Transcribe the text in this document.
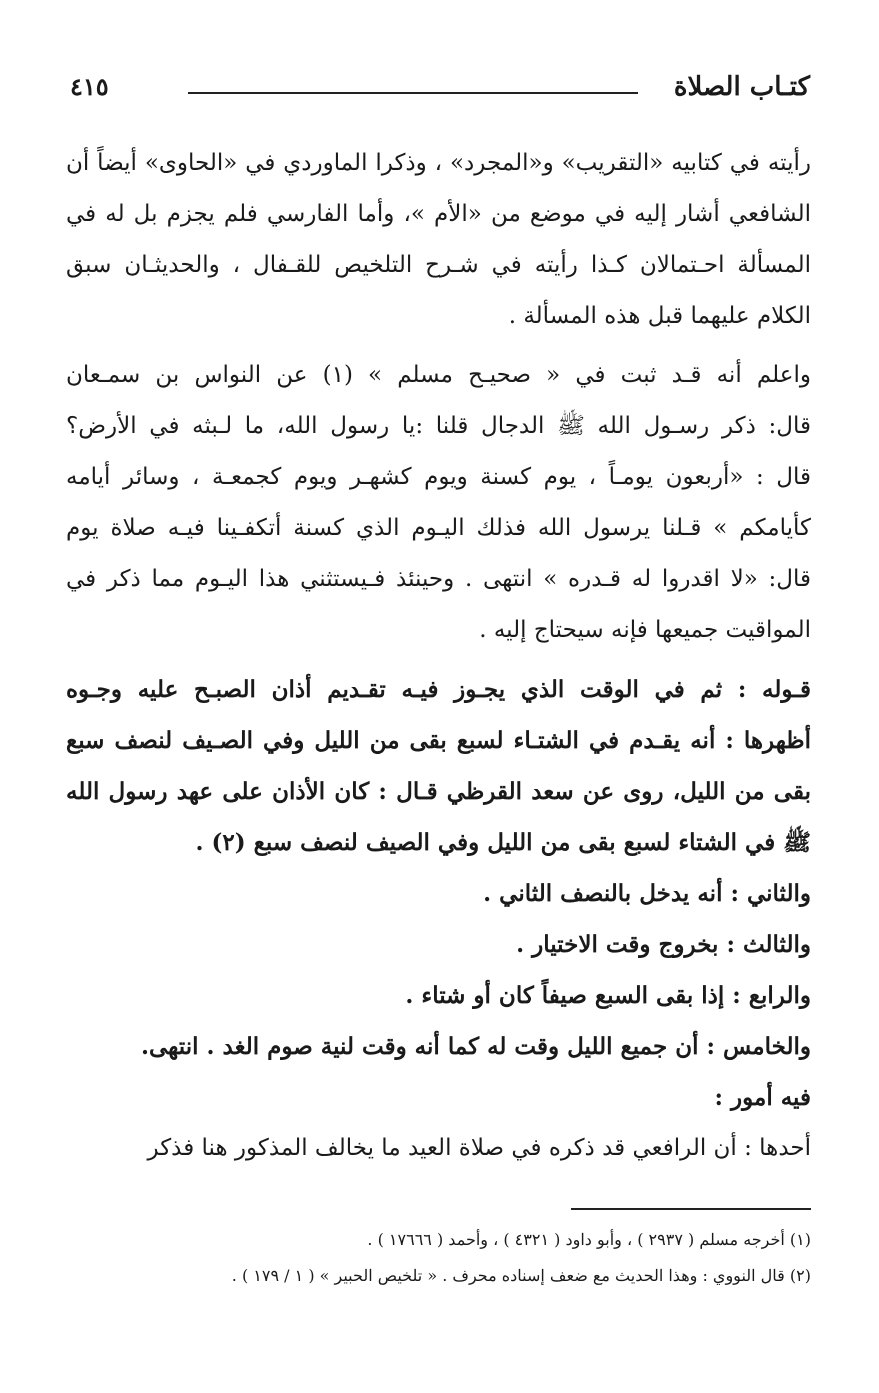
كتـاب الصلاة
٤١٥
رأيته في كتابيه «التقريب» و«المجرد» ، وذكرا الماوردي في «الحاوى» أيضاً أن
الشافعي أشار إليه في موضع من «الأم »، وأما الفارسي فلم يجزم بل له في
المسألة احـتمالان كـذا رأيته في شـرح التلخيص للقـفال ، والحديثـان سبق
الكلام عليهما قبل هذه المسألة .
واعلم أنه قـد ثبت في « صحيـح مسلم » (١) عن النواس بن سمـعان
قال: ذكر رسـول الله ﷺ الدجال قلنا :يا رسول الله، ما لـبثه في الأرض؟
قال : «أربعون يومـاً ، يوم كسنة ويوم كشهـر ويوم كجمعـة ، وسائر أيامه
كأيامكم » قـلنا يرسول الله فذلك اليـوم الذي كسنة أتكفـينا فيـه صلاة يوم
قال: «لا اقدروا له قـدره » انتهى . وحينئذ فـيستثني هذا اليـوم مما ذكر في
المواقيت جميعها فإنه سيحتاج إليه .
قـوله : ثم في الوقت الذي يجـوز فيـه تقـديم أذان الصبـح عليه وجـوه
أظهرها : أنه يقـدم في الشتـاء لسبع بقى من الليل وفي الصـيف لنصف سبع
بقى من الليل، روى عن سعد القرظي قـال : كان الأذان على عهد رسول الله
ﷺ في الشتاء لسبع بقى من الليل وفي الصيف لنصف سبع (٢) .
والثاني : أنه يدخل بالنصف الثاني .
والثالث : بخروج وقت الاختيار .
والرابع : إذا بقى السبع صيفاً كان أو شتاء .
والخامس : أن جميع الليل وقت له كما أنه وقت لنية صوم الغد . انتهى.
فيه أمور :
أحدها : أن الرافعي قد ذكره في صلاة العيد ما يخالف المذكور هنا فذكر
(١) أخرجه مسلم ( ٢٩٣٧ ) ، وأبو داود ( ٤٣٢١ ) ، وأحمد ( ١٧٦٦٦ ) .
(٢) قال النووي : وهذا الحديث مع ضعف إسناده محرف . « تلخيص الحبير » ( ١ / ١٧٩ ) .
